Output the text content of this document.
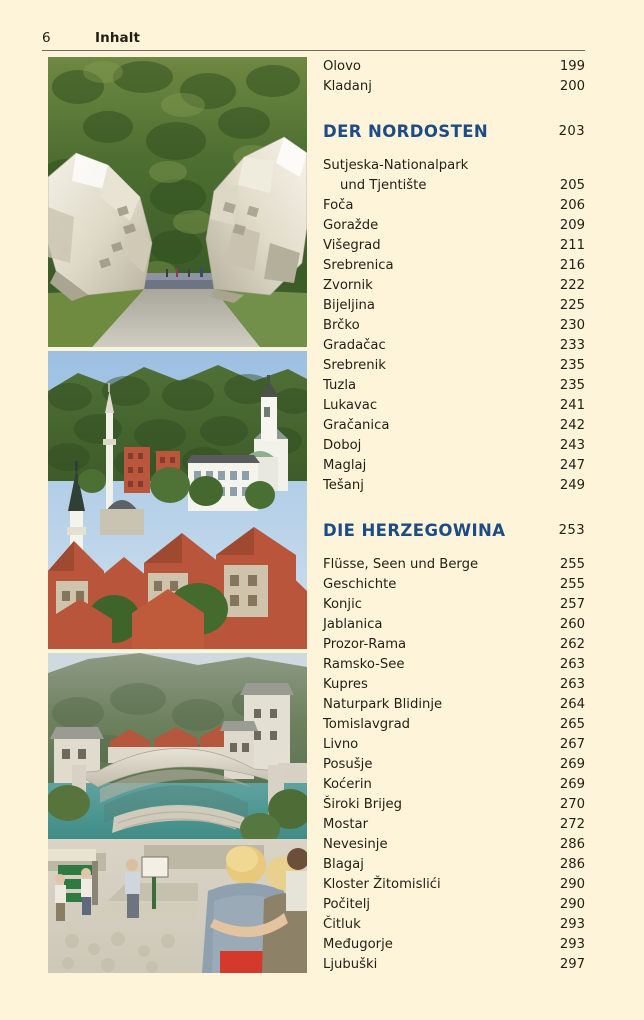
6	Inhalt
Olovo	199
Kladanj	200
DER NORDOSTEN	203
Sutjeska-Nationalpark
und Tjentište	205
Foča	206
Goražde	209
Višegrad	211
Srebrenica	216
Zvornik	222
Bijeljina	225
Brčko	230
Gradačac	233
Srebrenik	235
Tuzla	235
Lukavac	241
Gračanica	242
Doboj	243
Maglaj	247
Tešanj	249
DIE HERZEGOWINA	253
Flüsse, Seen und Berge	255
Geschichte	255
Konjic	257
Jablanica	260
Prozor-Rama	262
Ramsko-See	263
Kupres	263
Naturpark Blidinje	264
Tomislavgrad	265
Livno	267
Posušje	269
Koćerin	269
Široki Brijeg	270
Mostar	272
Nevesinje	286
Blagaj	286
Kloster Žitomislići	290
Počitelj	290
Čitluk	293
Međugorje	293
Ljubuški	297
